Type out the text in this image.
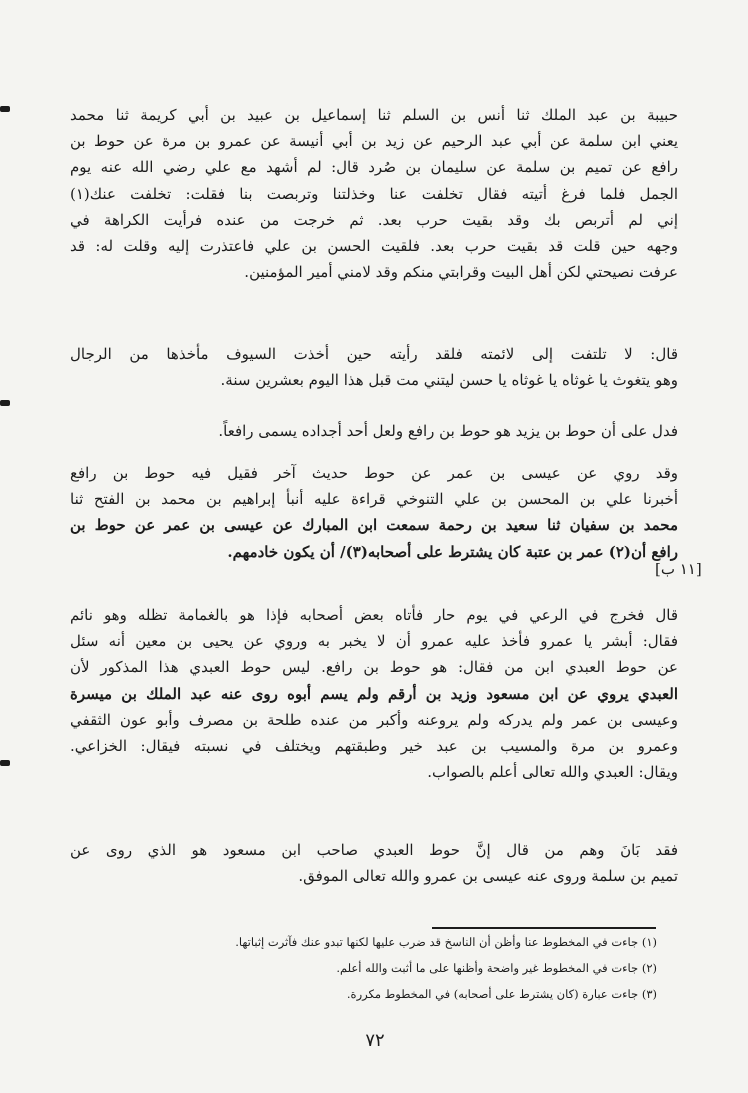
حبيبة بن عبد الملك ثنا أنس بن السلم ثنا إسماعيل بن عبيد بن أبي كريمة ثنا محمد
يعني ابن سلمة عن أبي عبد الرحيم عن زيد بن أبي أنيسة عن عمرو بن مرة عن حوط بن
رافع عن تميم بن سلمة عن سليمان بن صُرد قال: لم أشهد مع علي رضي الله عنه يوم
الجمل فلما فرغ أتيته فقال تخلفت عنا وخذلتنا وتربصت بنا فقلت: تخلفت عنك(١)
إني لم أتربص بك وقد بقيت حرب بعد. ثم خرجت من عنده فرأيت الكراهة في
وجهه حين قلت قد بقيت حرب بعد. فلقيت الحسن بن علي فاعتذرت إليه وقلت له: قد
عرفت نصيحتي لكن أهل البيت وقرابتي منكم وقد لامني أمير المؤمنين.
قال: لا تلتفت إلى لائمته فلقد رأيته حين أخذت السيوف مأخذها من الرجال
وهو يتغوث يا غوثاه يا غوثاه يا حسن ليتني مت قبل هذا اليوم بعشرين سنة.
فدل على أن حوط بن يزيد هو حوط بن رافع ولعل أحد أجداده يسمى رافعاً.
وقد روي عن عيسى بن عمر عن حوط حديث آخر فقيل فيه حوط بن رافع
أخبرنا علي بن المحسن بن علي التنوخي قراءة عليه أنبأ إبراهيم بن محمد بن الفتح ثنا
محمد بن سفيان ثنا سعيد بن رحمة سمعت ابن المبارك عن عيسى بن عمر عن حوط بن
رافع أن(٢) عمر بن عتبة كان يشترط على أصحابه(٣)/ أن يكون خادمهم.
[١١ ب]
قال فخرج في الرعي في يوم حار فأتاه بعض أصحابه فإذا هو بالغمامة تظله وهو نائم
فقال: أبشر يا عمرو فأخذ عليه عمرو أن لا يخبر به وروي عن يحيى بن معين أنه سئل
عن حوط العبدي ابن من فقال: هو حوط بن رافع. ليس حوط العبدي هذا المذكور لأن
العبدي يروي عن ابن مسعود وزيد بن أرقم ولم يسم أبوه روى عنه عبد الملك بن ميسرة
وعيسى بن عمر ولم يدركه ولم يروعنه وأكبر من عنده طلحة بن مصرف وأبو عون الثقفي
وعمرو بن مرة والمسيب بن عبد خير وطبقتهم ويختلف في نسبته فيقال: الخزاعي.
ويقال: العبدي والله تعالى أعلم بالصواب.
فقد بَانَ وهم من قال إنَّ حوط العبدي صاحب ابن مسعود هو الذي روى عن
تميم بن سلمة وروى عنه عيسى بن عمرو والله تعالى الموفق.
(١) جاءت في المخطوط عنا وأظن أن الناسخ قد ضرب عليها لكنها تبدو عنك فآثرت إثباتها.
(٢) جاءت في المخطوط غير واضحة وأظنها على ما أثبت والله أعلم.
(٣) جاءت عبارة (كان يشترط على أصحابه) في المخطوط مكررة.
٧٢
